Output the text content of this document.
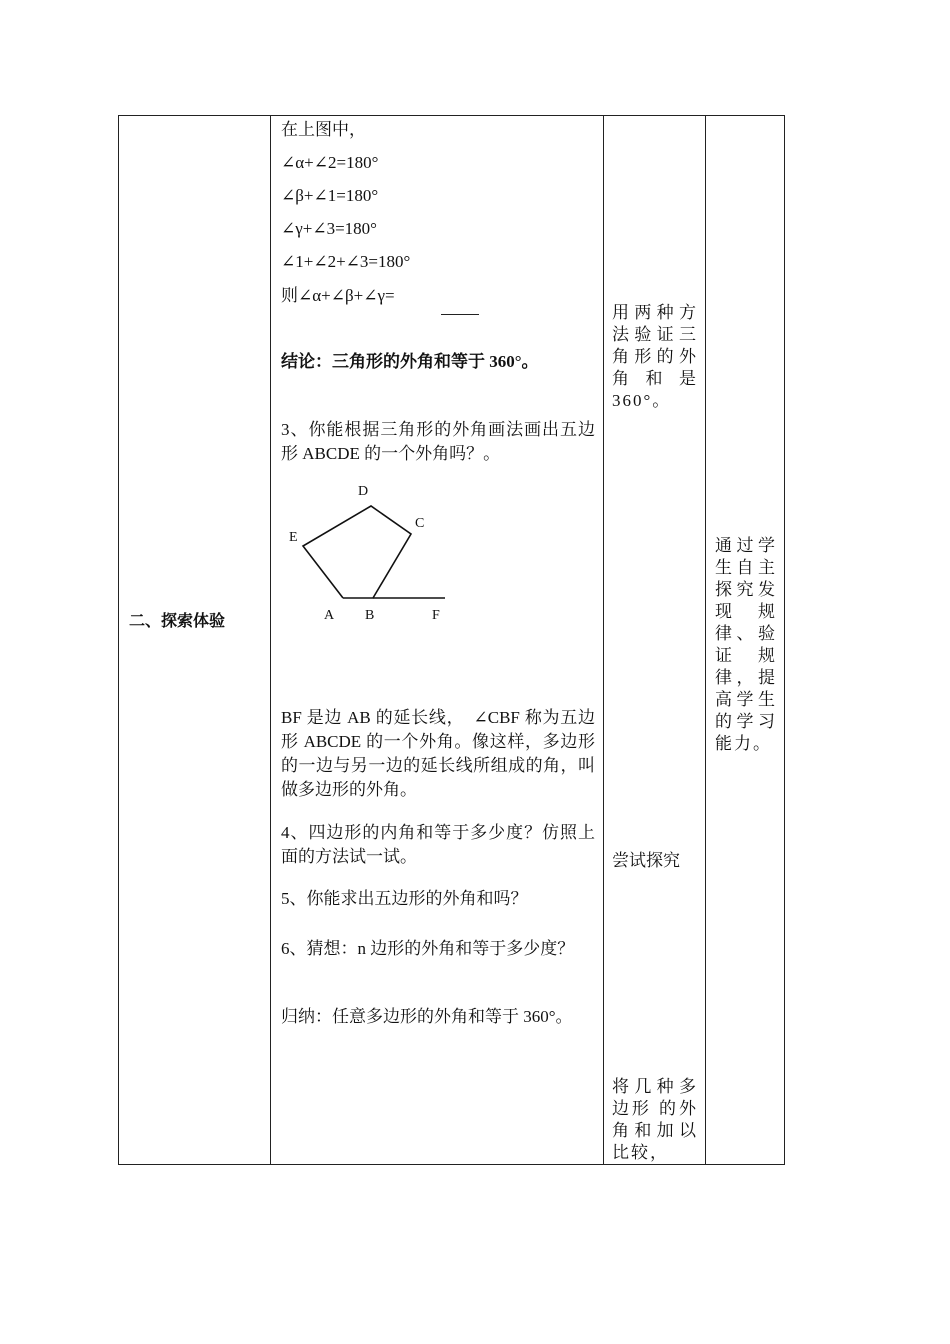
二、探索体验
在上图中，
∠α+∠2=180°
∠β+∠1=180°
∠γ+∠3=180°
∠1+∠2+∠3=180°
则∠α+∠β+∠γ=
结论：三角形的外角和等于 360°。
3、你能根据三角形的外角画法画出五边形 ABCDE 的一个外角吗？。
D
C
E
A B	F
BF 是边 AB 的延长线，　∠CBF 称为五边形 ABCDE 的一个外角。像这样，多边形的一边与另一边的延长线所组成的角，叫做多边形的外角。
4、四边形的内角和等于多少度？仿照上面的方法试一试。
5、你能求出五边形的外角和吗？
6、猜想：n 边形的外角和等于多少度？
归纳：任意多边形的外角和等于 360°。
用两种方法验证三角形的外角和是 360°。
尝试探究
将几种多边形 的外角和加以比较，
通过学生自主探究发现 规律、验证 规律，提高学生的学习能力。
